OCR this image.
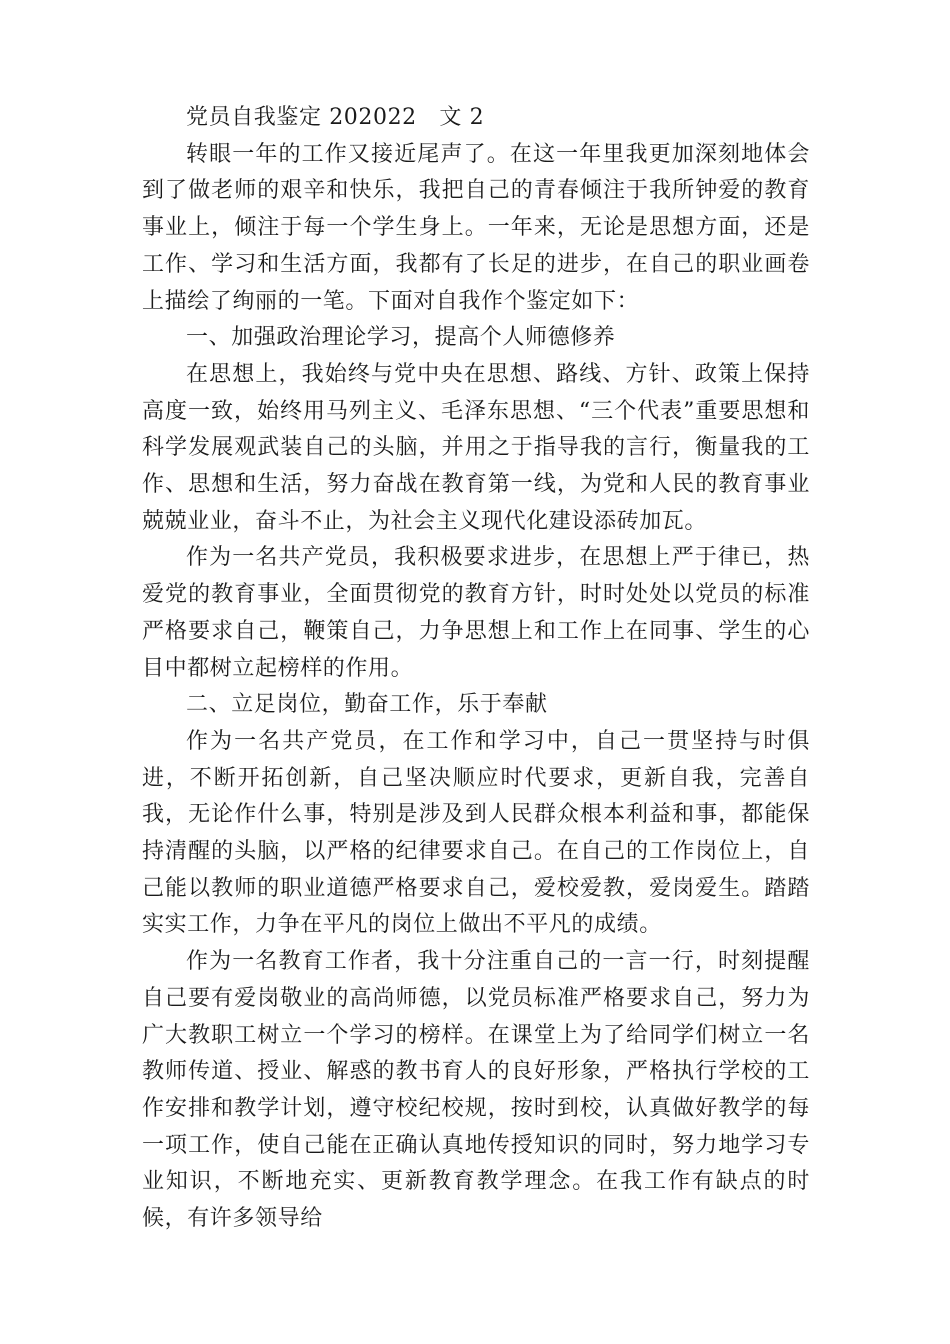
党员自我鉴定 202022　文 2

转眼一年的工作又接近尾声了。在这一年里我更加深刻地体会到了做老师的艰辛和快乐，我把自己的青春倾注于我所钟爱的教育事业上，倾注于每一个学生身上。一年来，无论是思想方面，还是工作、学习和生活方面，我都有了长足的进步，在自己的职业画卷上描绘了绚丽的一笔。下面对自我作个鉴定如下：

一、加强政治理论学习，提高个人师德修养

在思想上，我始终与党中央在思想、路线、方针、政策上保持高度一致，始终用马列主义、毛泽东思想、“三个代表”重要思想和科学发展观武装自己的头脑，并用之于指导我的言行，衡量我的工作、思想和生活，努力奋战在教育第一线，为党和人民的教育事业兢兢业业，奋斗不止，为社会主义现代化建设添砖加瓦。

作为一名共产党员，我积极要求进步，在思想上严于律已，热爱党的教育事业，全面贯彻党的教育方针，时时处处以党员的标准严格要求自己，鞭策自己，力争思想上和工作上在同事、学生的心目中都树立起榜样的作用。

二、立足岗位，勤奋工作，乐于奉献

作为一名共产党员，在工作和学习中，自己一贯坚持与时俱进，不断开拓创新，自己坚决顺应时代要求，更新自我，完善自我，无论作什么事，特别是涉及到人民群众根本利益和事，都能保持清醒的头脑，以严格的纪律要求自己。在自己的工作岗位上，自己能以教师的职业道德严格要求自己，爱校爱教，爱岗爱生。踏踏实实工作，力争在平凡的岗位上做出不平凡的成绩。

作为一名教育工作者，我十分注重自己的一言一行，时刻提醒自己要有爱岗敬业的高尚师德，以党员标准严格要求自己，努力为广大教职工树立一个学习的榜样。在课堂上为了给同学们树立一名教师传道、授业、解惑的教书育人的良好形象，严格执行学校的工作安排和教学计划，遵守校纪校规，按时到校，认真做好教学的每一项工作，使自己能在正确认真地传授知识的同时，努力地学习专业知识，不断地充实、更新教育教学理念。在我工作有缺点的时候，有许多领导给
